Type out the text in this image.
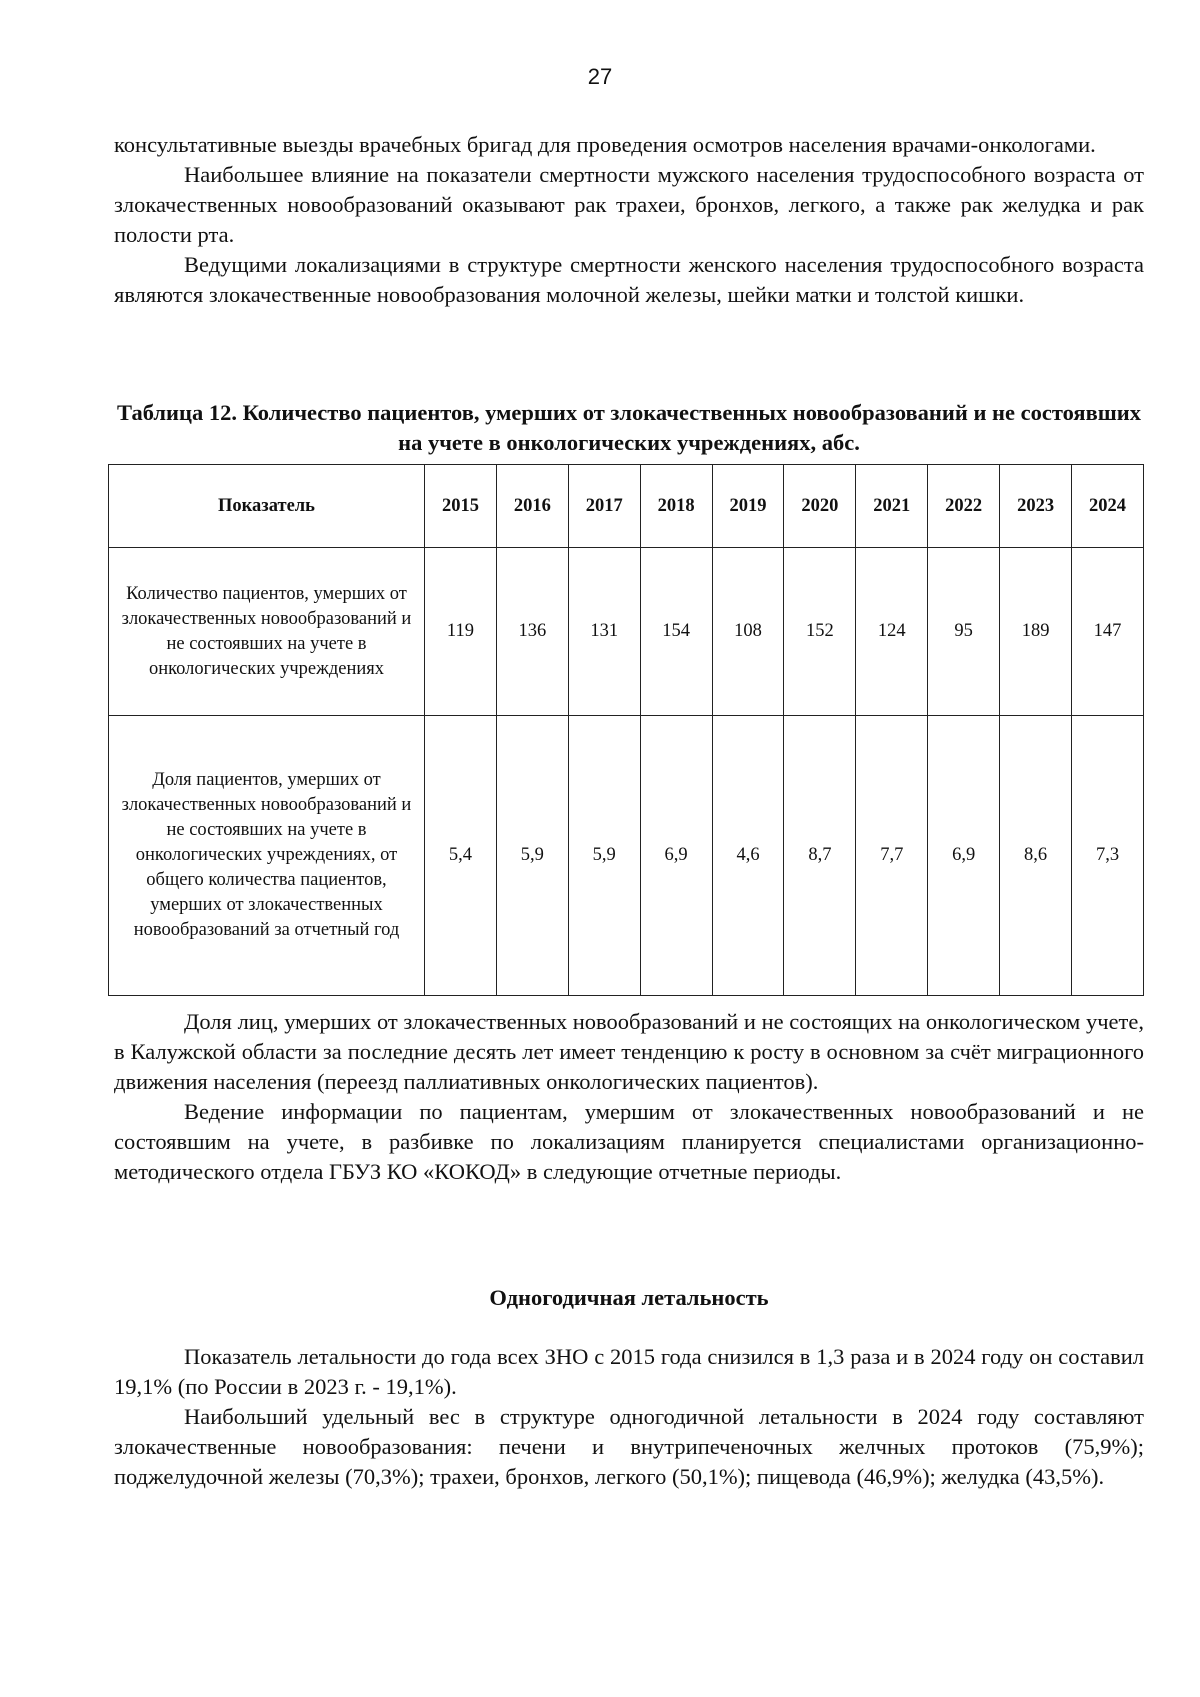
27

консультативные выезды врачебных бригад для проведения осмотров населения врачами-онкологами.

Наибольшее влияние на показатели смертности мужского населения трудоспособного возраста от злокачественных новообразований оказывают рак трахеи, бронхов, легкого, а также рак желудка и рак полости рта.

Ведущими локализациями в структуре смертности женского населения трудоспособного возраста являются злокачественные новообразования молочной железы, шейки матки и толстой кишки.

Таблица 12. Количество пациентов, умерших от злокачественных новообразований и не состоявших на учете в онкологических учреждениях, абс.
Показатель	2015	2016	2017	2018	2019	2020	2021	2022	2023	2024
Количество пациентов, умерших от злокачественных новообразований и не состоявших на учете в онкологических учреждениях	119	136	131	154	108	152	124	95	189	147
Доля пациентов, умерших от злокачественных новообразований и не состоявших на учете в онкологических учреждениях, от общего количества пациентов, умерших от злокачественных новообразований за отчетный год	5,4	5,9	5,9	6,9	4,6	8,7	7,7	6,9	8,6	7,3

Доля лиц, умерших от злокачественных новообразований и не состоящих на онкологическом учете, в Калужской области за последние десять лет имеет тенденцию к росту в основном за счёт миграционного движения населения (переезд паллиативных онкологических пациентов).

Ведение информации по пациентам, умершим от злокачественных новообразований и не состоявшим на учете, в разбивке по локализациям планируется специалистами организационно-методического отдела ГБУЗ КО «КОКОД» в следующие отчетные периоды.

Одногодичная летальность

Показатель летальности до года всех ЗНО с 2015 года снизился в 1,3 раза и в 2024 году он составил 19,1% (по России в 2023 г. - 19,1%).

Наибольший удельный вес в структуре одногодичной летальности в 2024 году составляют злокачественные новообразования: печени и внутрипеченочных желчных протоков (75,9%); поджелудочной железы (70,3%); трахеи, бронхов, легкого (50,1%); пищевода (46,9%); желудка (43,5%).
